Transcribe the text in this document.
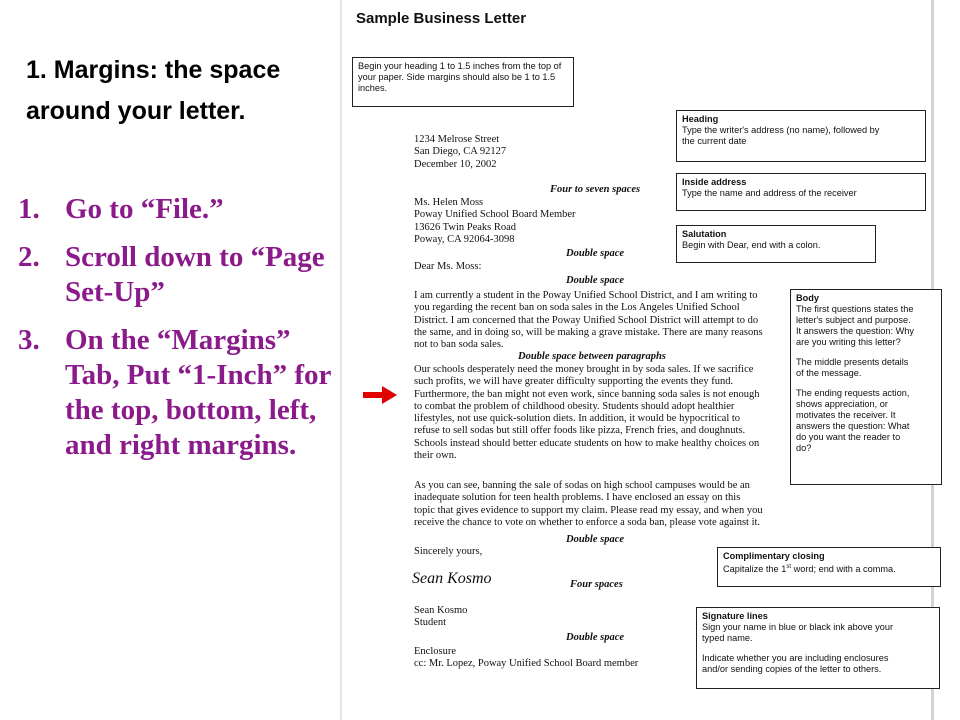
1. Margins: the space around your letter.
1. Go to “File.”
2. Scroll down to “Page Set-Up”
3. On the “Margins” Tab, Put “1-Inch” for the top, bottom, left, and right margins.
Sample Business Letter
Begin your heading 1 to 1.5 inches from the top of your paper. Side margins should also be 1 to 1.5 inches.
1234 Melrose Street
San Diego, CA 92127
December 10, 2002
Four to seven spaces
Ms. Helen Moss
Poway Unified School Board Member
13626 Twin Peaks Road
Poway, CA 92064-3098
Double space
Dear Ms. Moss:
Double space
I am currently a student in the Poway Unified School District, and I am writing to
you regarding the recent ban on soda sales in the Los Angeles Unified School
District. I am concerned that the Poway Unified School District will attempt to do
the same, and in doing so, will be making a grave mistake. There are many reasons
not to ban soda sales.
Double space between paragraphs
Our schools desperately need the money brought in by soda sales. If we sacrifice
such profits, we will have greater difficulty supporting the events they fund.
Furthermore, the ban might not even work, since banning soda sales is not enough
to combat the problem of childhood obesity. Students should adopt healthier
lifestyles, not use quick-solution diets. In addition, it would be hypocritical to
refuse to sell sodas but still offer foods like pizza, French fries, and doughnuts.
Schools instead should better educate students on how to make healthy choices on
their own.
As you can see, banning the sale of sodas on high school campuses would be an
inadequate solution for teen health problems. I have enclosed an essay on this
topic that gives evidence to support my claim. Please read my essay, and when you
receive the chance to vote on whether to enforce a soda ban, please vote against it.
Double space
Sincerely yours,
Sean Kosmo	Four spaces
Sean Kosmo
Student
Double space
Enclosure
cc: Mr. Lopez, Poway Unified School Board member
Heading
Type the writer's address (no name), followed by
the current date
Inside address
Type the name and address of the receiver
Salutation
Begin with Dear, end with a colon.
Body
The first questions states the
letter's subject and purpose.
It answers the question: Why
are you writing this letter?
The middle presents details
of the message.
The ending requests action,
shows appreciation, or
motivates the receiver. It
answers the question: What
do you want the reader to
do?
Complimentary closing
Capitalize the 1st word; end with a comma.
Signature lines
Sign your name in blue or black ink above your
typed name.
Indicate whether you are including enclosures
and/or sending copies of the letter to others.
